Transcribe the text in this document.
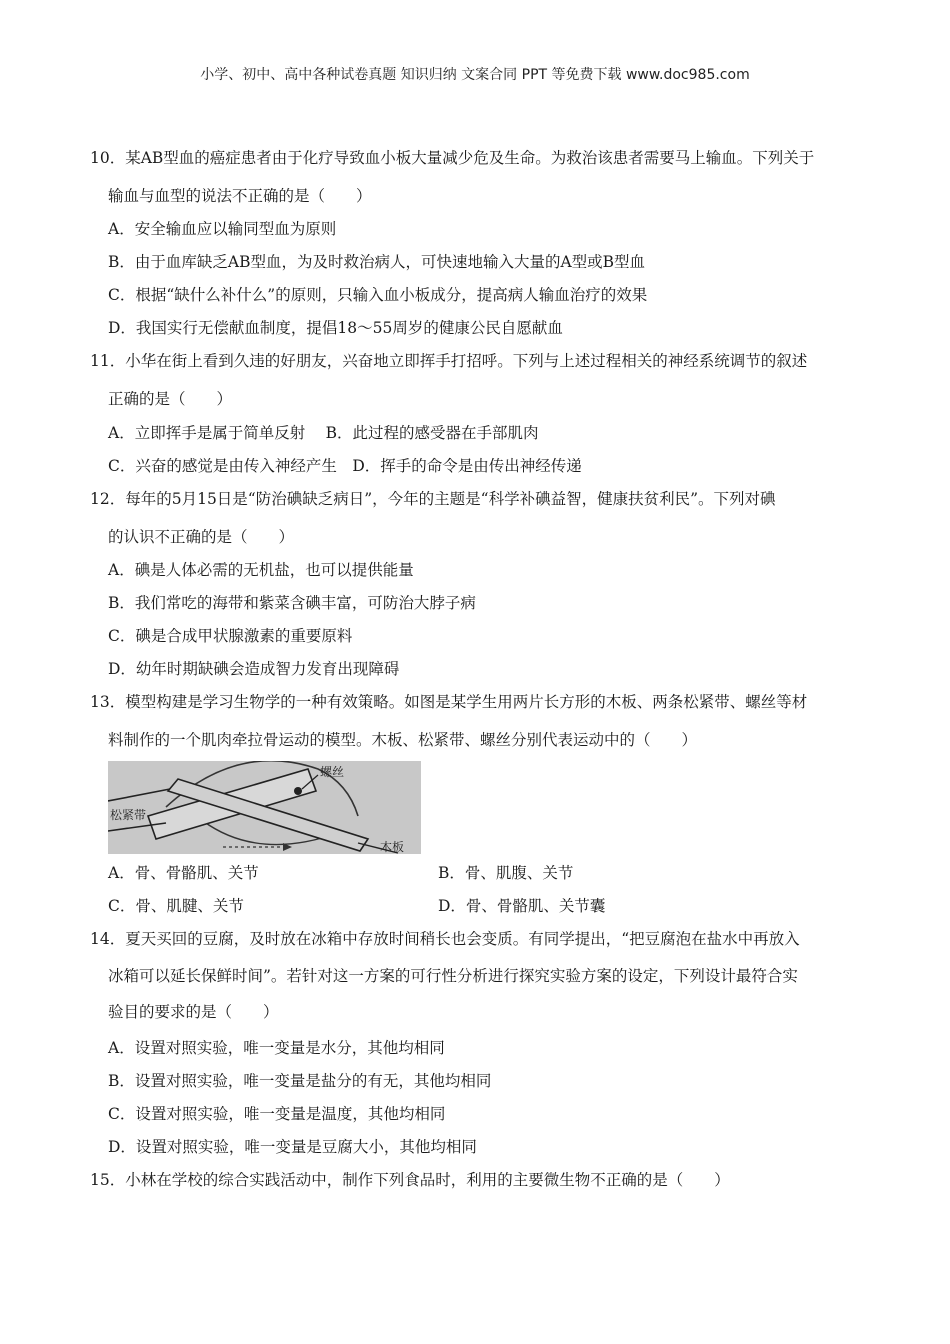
小学、初中、高中各种试卷真题 知识归纳 文案合同 PPT 等免费下载 www.doc985.com
10．某AB型血的癌症患者由于化疗导致血小板大量减少危及生命。为救治该患者需要马上输血。下列关于
输血与血型的说法不正确的是（　　）
A．安全输血应以输同型血为原则
B．由于血库缺乏AB型血，为及时救治病人，可快速地输入大量的A型或B型血
C．根据“缺什么补什么”的原则，只输入血小板成分，提高病人输血治疗的效果
D．我国实行无偿献血制度，提倡18～55周岁的健康公民自愿献血
11．小华在街上看到久违的好朋友，兴奋地立即挥手打招呼。下列与上述过程相关的神经系统调节的叙述
正确的是（　　）
A．立即挥手是属于简单反射　 B．此过程的感受器在手部肌肉
C．兴奋的感觉是由传入神经产生　D．挥手的命令是由传出神经传递
12．每年的5月15日是“防治碘缺乏病日”，今年的主题是“科学补碘益智，健康扶贫利民”。下列对碘
的认识不正确的是（　　）
A．碘是人体必需的无机盐，也可以提供能量
B．我们常吃的海带和紫菜含碘丰富，可防治大脖子病
C．碘是合成甲状腺激素的重要原料
D．幼年时期缺碘会造成智力发育出现障碍
13．模型构建是学习生物学的一种有效策略。如图是某学生用两片长方形的木板、两条松紧带、螺丝等材
料制作的一个肌肉牵拉骨运动的模型。木板、松紧带、螺丝分别代表运动中的（　　）
螺丝
松紧带
木板
A．骨、骨骼肌、关节	B．骨、肌腹、关节
C．骨、肌腱、关节	D．骨、骨骼肌、关节囊
14．夏天买回的豆腐，及时放在冰箱中存放时间稍长也会变质。有同学提出，“把豆腐泡在盐水中再放入
冰箱可以延长保鲜时间”。若针对这一方案的可行性分析进行探究实验方案的设定，下列设计最符合实
验目的要求的是（　　）
A．设置对照实验，唯一变量是水分，其他均相同
B．设置对照实验，唯一变量是盐分的有无，其他均相同
C．设置对照实验，唯一变量是温度，其他均相同
D．设置对照实验，唯一变量是豆腐大小，其他均相同
15．小林在学校的综合实践活动中，制作下列食品时，利用的主要微生物不正确的是（　　）
